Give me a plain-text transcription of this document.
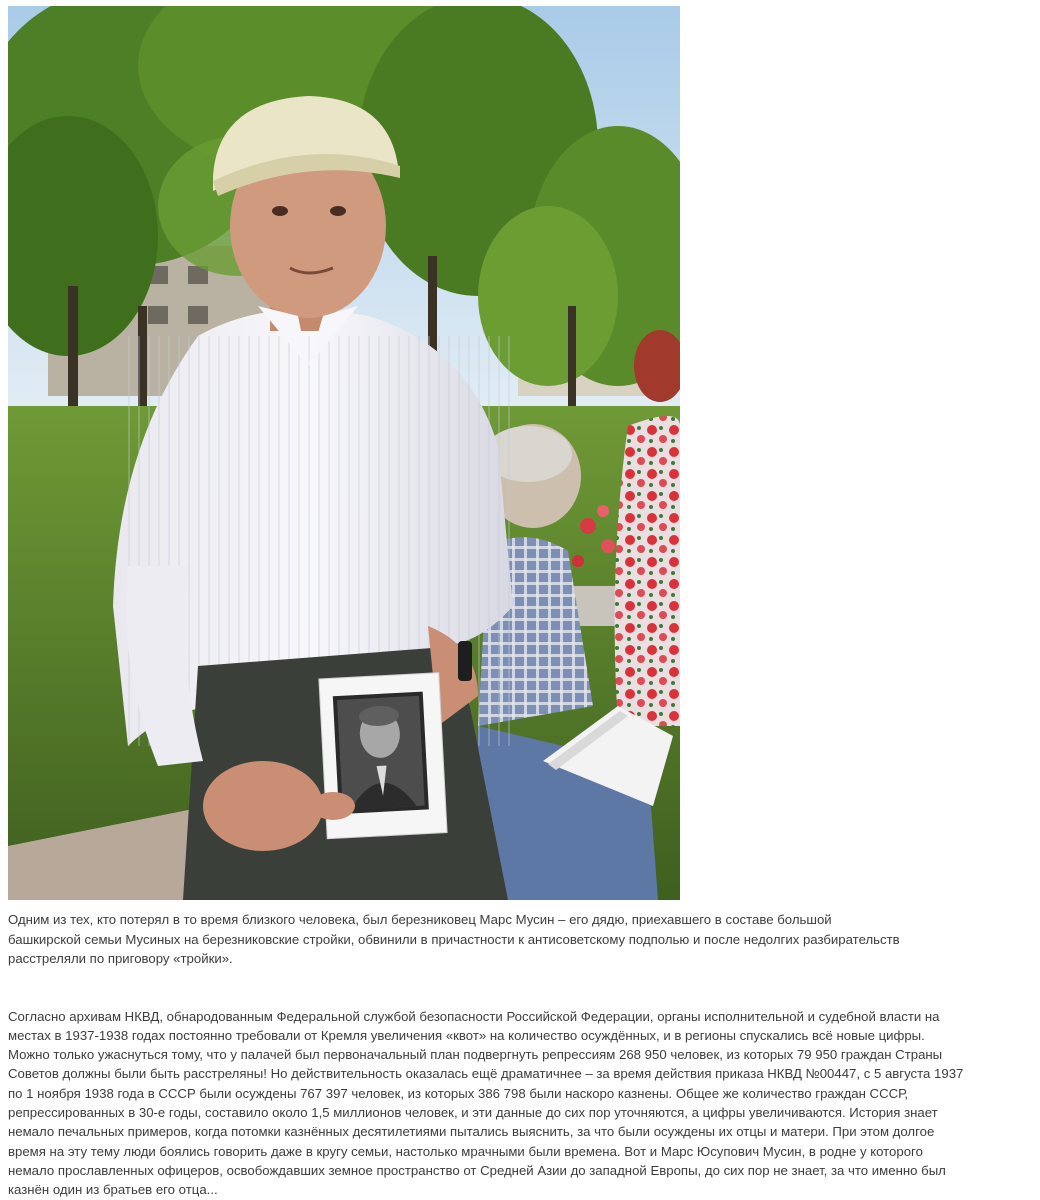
Одним из тех, кто потерял в то время близкого человека, был березниковец Марс Мусин – его дядю, приехавшего в составе большой башкирской семьи Мусиных на березниковские стройки, обвинили в причастности к антисоветскому подполью и после недолгих разбирательств расстреляли по приговору «тройки».

Согласно архивам НКВД, обнародованным Федеральной службой безопасности Российской Федерации, органы исполнительной и судебной власти на местах в 1937-1938 годах постоянно требовали от Кремля увеличения «квот» на количество осуждённых, и в регионы спускались всё новые цифры. Можно только ужаснуться тому, что у палачей был первоначальный план подвергнуть репрессиям 268 950 человек, из которых 79 950 граждан Страны Советов должны были быть расстреляны! Но действительность оказалась ещё драматичнее – за время действия приказа НКВД №00447, с 5 августа 1937 по 1 ноября 1938 года в СССР были осуждены 767 397 человек, из которых 386 798 были наскоро казнены. Общее же количество граждан СССР, репрессированных в 30-е годы, составило около 1,5 миллионов человек, и эти данные до сих пор уточняются, а цифры увеличиваются. История знает немало печальных примеров, когда потомки казнённых десятилетиями пытались выяснить, за что были осуждены их отцы и матери. При этом долгое время на эту тему люди боялись говорить даже в кругу семьи, настолько мрачными были времена. Вот и Марс Юсупович Мусин, в родне у которого немало прославленных офицеров, освобождавших земное пространство от Средней Азии до западной Европы, до сих пор не знает, за что именно был казнён один из братьев его отца...
